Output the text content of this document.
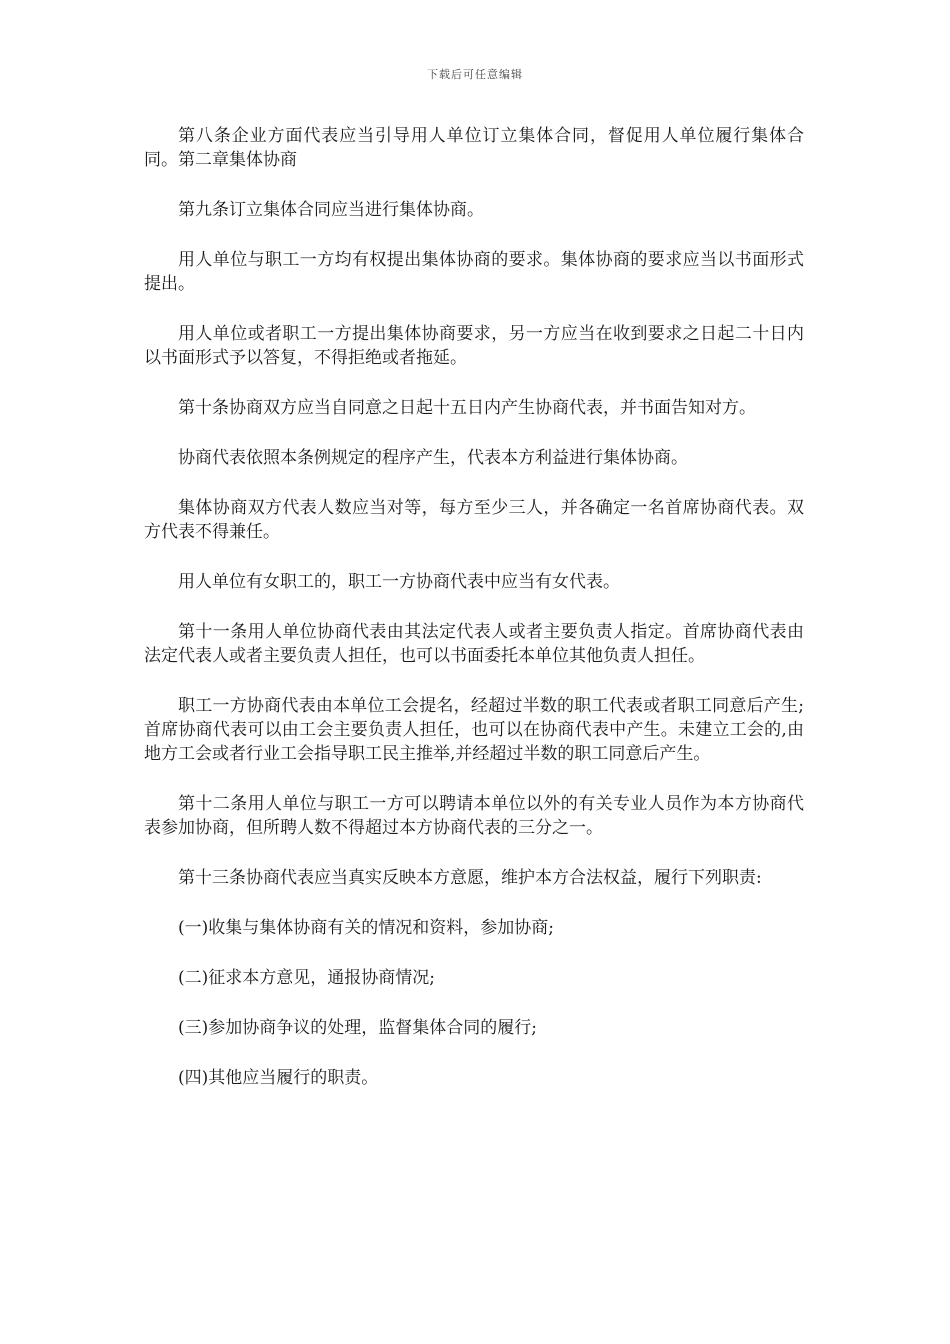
下载后可任意编辑

第八条企业方面代表应当引导用人单位订立集体合同，督促用人单位履行集体合同。第二章集体协商

第九条订立集体合同应当进行集体协商。

用人单位与职工一方均有权提出集体协商的要求。集体协商的要求应当以书面形式提出。

用人单位或者职工一方提出集体协商要求，另一方应当在收到要求之日起二十日内以书面形式予以答复，不得拒绝或者拖延。

第十条协商双方应当自同意之日起十五日内产生协商代表，并书面告知对方。

协商代表依照本条例规定的程序产生，代表本方利益进行集体协商。

集体协商双方代表人数应当对等，每方至少三人，并各确定一名首席协商代表。双方代表不得兼任。

用人单位有女职工的，职工一方协商代表中应当有女代表。

第十一条用人单位协商代表由其法定代表人或者主要负责人指定。首席协商代表由法定代表人或者主要负责人担任，也可以书面委托本单位其他负责人担任。

职工一方协商代表由本单位工会提名，经超过半数的职工代表或者职工同意后产生;首席协商代表可以由工会主要负责人担任，也可以在协商代表中产生。未建立工会的,由地方工会或者行业工会指导职工民主推举,并经超过半数的职工同意后产生。

第十二条用人单位与职工一方可以聘请本单位以外的有关专业人员作为本方协商代表参加协商，但所聘人数不得超过本方协商代表的三分之一。

第十三条协商代表应当真实反映本方意愿，维护本方合法权益，履行下列职责:

(一)收集与集体协商有关的情况和资料，参加协商;

(二)征求本方意见，通报协商情况;

(三)参加协商争议的处理，监督集体合同的履行;

(四)其他应当履行的职责。
